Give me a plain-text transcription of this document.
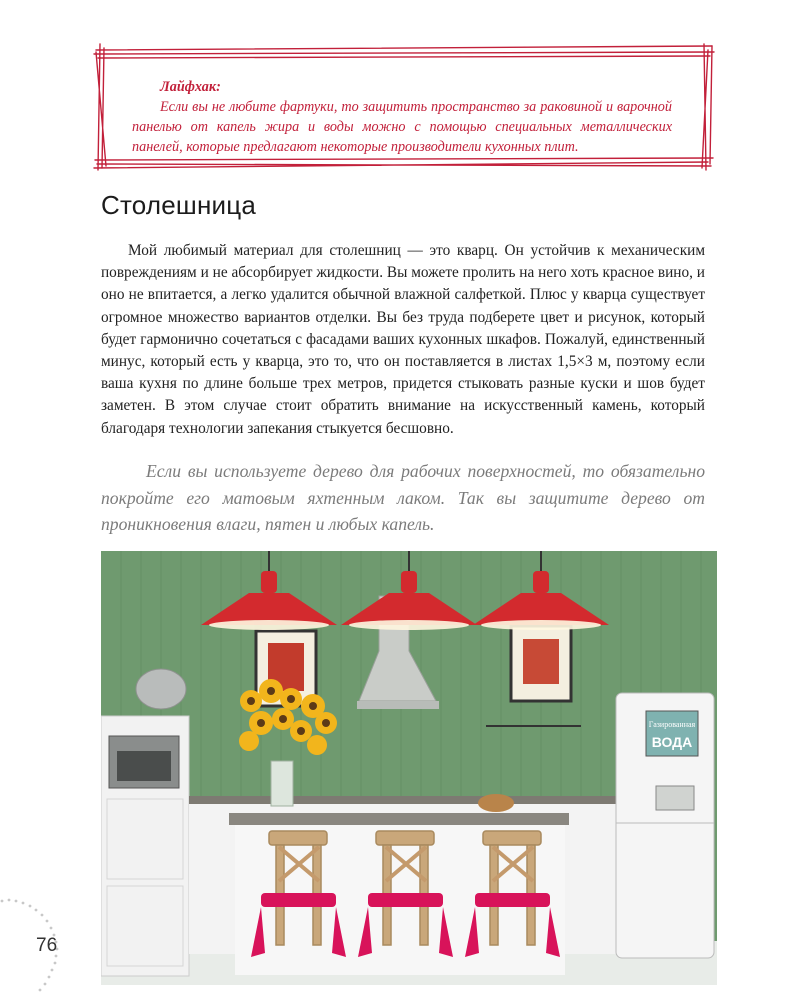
Лайфхак:
Если вы не любите фартуки, то защитить пространство за раковиной и варочной панелью от капель жира и воды можно с помощью специальных металлических панелей, которые предлагают некоторые производители кухонных плит.
Столешница
Мой любимый материал для столешниц — это кварц. Он устойчив к механическим повреждениям и не абсорбирует жидкости. Вы можете пролить на него хоть красное вино, и оно не впитается, а легко удалится обычной влажной салфеткой. Плюс у кварца существует огромное множество вариантов отделки. Вы без труда подберете цвет и рисунок, который будет гармонично сочетаться с фасадами ваших кухонных шкафов. Пожалуй, единственный минус, который есть у кварца, это то, что он поставляется в листах 1,5×3 м, поэтому если ваша кухня по длине больше трех метров, придется стыковать разные куски и шов будет заметен. В этом случае стоит обратить внимание на искусственный камень, который благодаря технологии запекания стыкуется бесшовно.
Если вы используете дерево для рабочих поверхностей, то обязательно покройте его матовым яхтенным лаком. Так вы защитите дерево от проникновения влаги, пятен и любых капель.
Газированная
ВОДА
76
